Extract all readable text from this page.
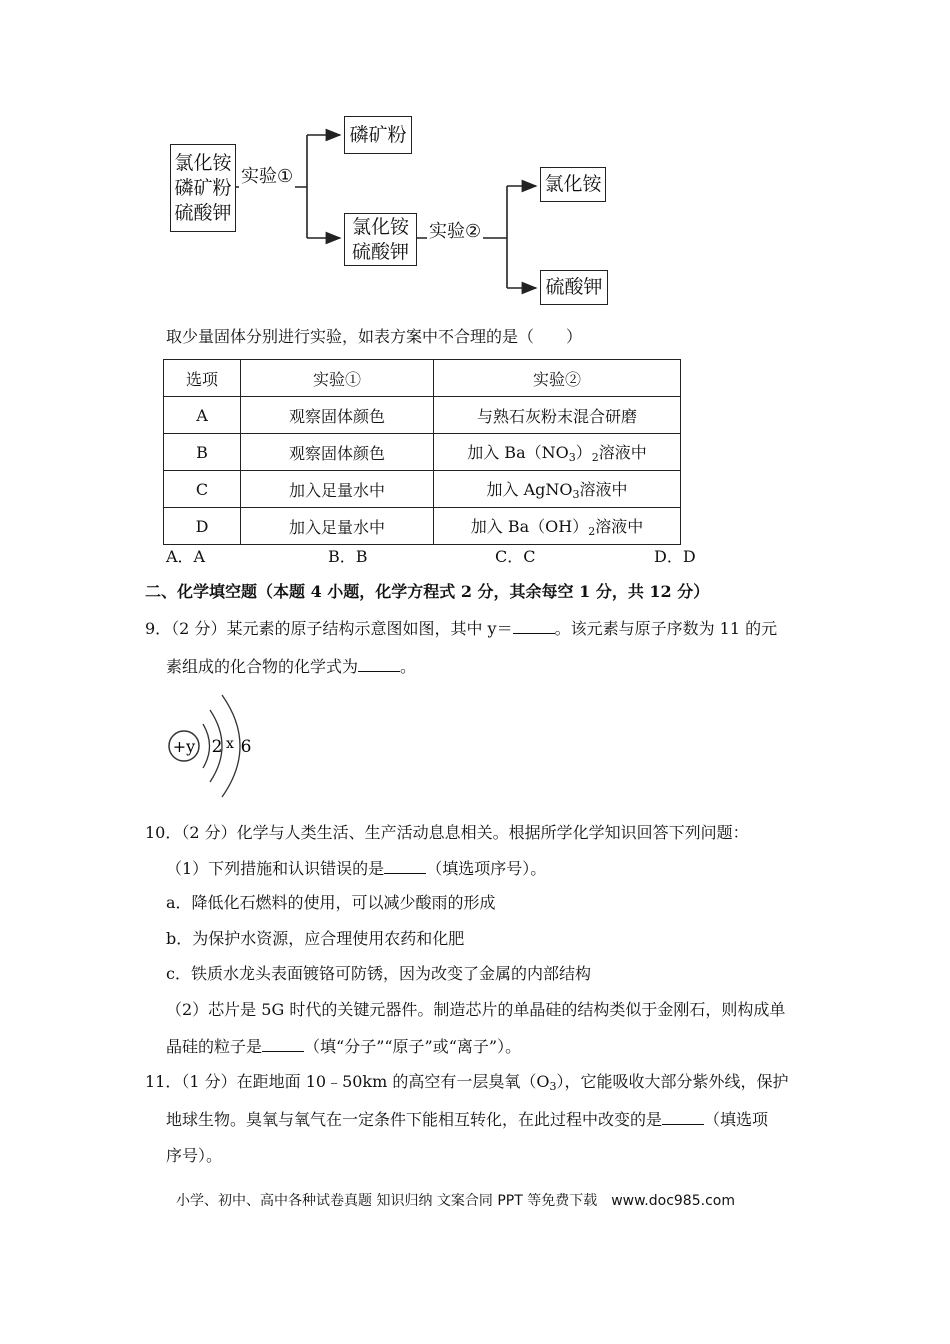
氯化铵
磷矿粉
硫酸钾
实验①
磷矿粉
氯化铵
硫酸钾
实验②
氯化铵
硫酸钾
取少量固体分别进行实验，如表方案中不合理的是（　　）
选项	实验①	实验②
A	观察固体颜色	与熟石灰粉末混合研磨
B	观察固体颜色	加入 $Ba(NO_3)_2$溶液中
C	加入足量水中	加入 AgNO$_3$溶液中
D	加入足量水中	加入 $Ba(OH)_2$溶液中
A．A	B．B	C．C	D．D
二、化学填空题（本题 4 小题，化学方程式 2 分，其余每空 1 分，共 12 分）
9．（2 分）某元素的原子结构示意图如图，其中 y＝	。该元素与原子序数为 11 的元
素组成的化合物的化学式为	。
+y 2 x 6
10．（2 分）化学与人类生活、生产活动息息相关。根据所学化学知识回答下列问题：
（1）下列措施和认识错误的是	（填选项序号）。
a．降低化石燃料的使用，可以减少酸雨的形成
b．为保护水资源，应合理使用农药和化肥
c．铁质水龙头表面镀铬可防锈，因为改变了金属的内部结构
（2）芯片是 5G 时代的关键元器件。制造芯片的单晶硅的结构类似于金刚石，则构成单
晶硅的粒子是	（填“分子”“原子”或“离子”）。
11．（1 分）在距地面 10﹣50km 的高空有一层臭氧$(O_3)$，它能吸收大部分紫外线，保护
地球生物。臭氧与氧气在一定条件下能相互转化，在此过程中改变的是	（填选项
序号）。
小学、初中、高中各种试卷真题 知识归纳 文案合同 PPT 等免费下载　www.doc985.com
